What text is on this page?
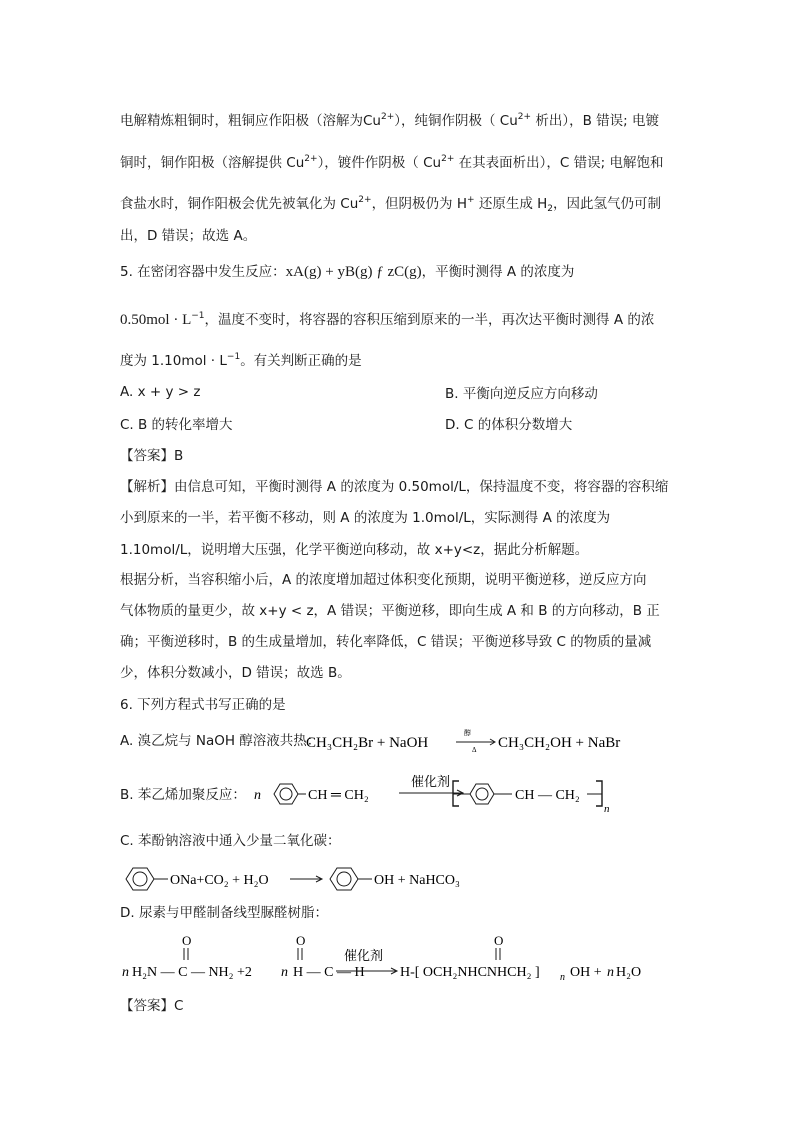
电解精炼粗铜时，粗铜应作阳极（溶解为$Cu^{2+}$），纯铜作阴极（ $Cu^{2+}$ 析出），B 错误; 电镀
铜时，铜作阳极（溶解提供 $Cu^{2+}$），镀件作阴极（ $Cu^{2+}$ 在其表面析出），C 错误; 电解饱和
食盐水时，铜作阳极会优先被氧化为 $Cu^{2+}$，但阴极仍为 H+ 还原生成 $H_2$，因此氢气仍可制
出，D 错误；故选 A。
5. 在密闭容器中发生反应：xA(g) + yB(g) ƒ zC(g)，平衡时测得 A 的浓度为
$0.50mol \cdot L^{-1}$，温度不变时，将容器的容积压缩到原来的一半，再次达平衡时测得 A 的浓
度为 $1.10mol \cdot L^{-1}$。有关判断正确的是
A. x + y > z	B. 平衡向逆反应方向移动
C. B 的转化率增大	D. C 的体积分数增大
【答案】B
【解析】由信息可知，平衡时测得 A 的浓度为 0.50mol/L，保持温度不变，将容器的容积缩
小到原来的一半，若平衡不移动，则 A 的浓度为 1.0mol/L，实际测得 A 的浓度为
1.10mol/L，说明增大压强，化学平衡逆向移动，故 x+y<z，据此分析解题。
根据分析，当容积缩小后，A 的浓度增加超过体积变化预期，说明平衡逆移，逆反应方向
气体物质的量更少，故 x+y < z，A 错误；平衡逆移，即向生成 A 和 B 的方向移动，B 正
确；平衡逆移时，B 的生成量增加，转化率降低，C 错误；平衡逆移导致 C 的物质的量减
少，体积分数减小，D 错误；故选 B。
6. 下列方程式书写正确的是
A. 溴乙烷与 NaOH 醇溶液共热：
CH₃CH₂Br + NaOH
醇
Δ CH₃CH₂OH + NaBr
B. 苯乙烯加聚反应： n	CH ═ CH₂
催化剂
CH — CH₂
n
C. 苯酚钠溶液中通入少量二氧化碳：
ONa+CO₂ + H₂O	OH + NaHCO₃
D. 尿素与甲醛制备线型脲醛树脂：
O
n H₂N — C — NH₂ +2 n
O
H — C — H
催化剂
O
H-[ OCH₂NHCNHCH₂ ] n OH + n H₂O
【答案】C
